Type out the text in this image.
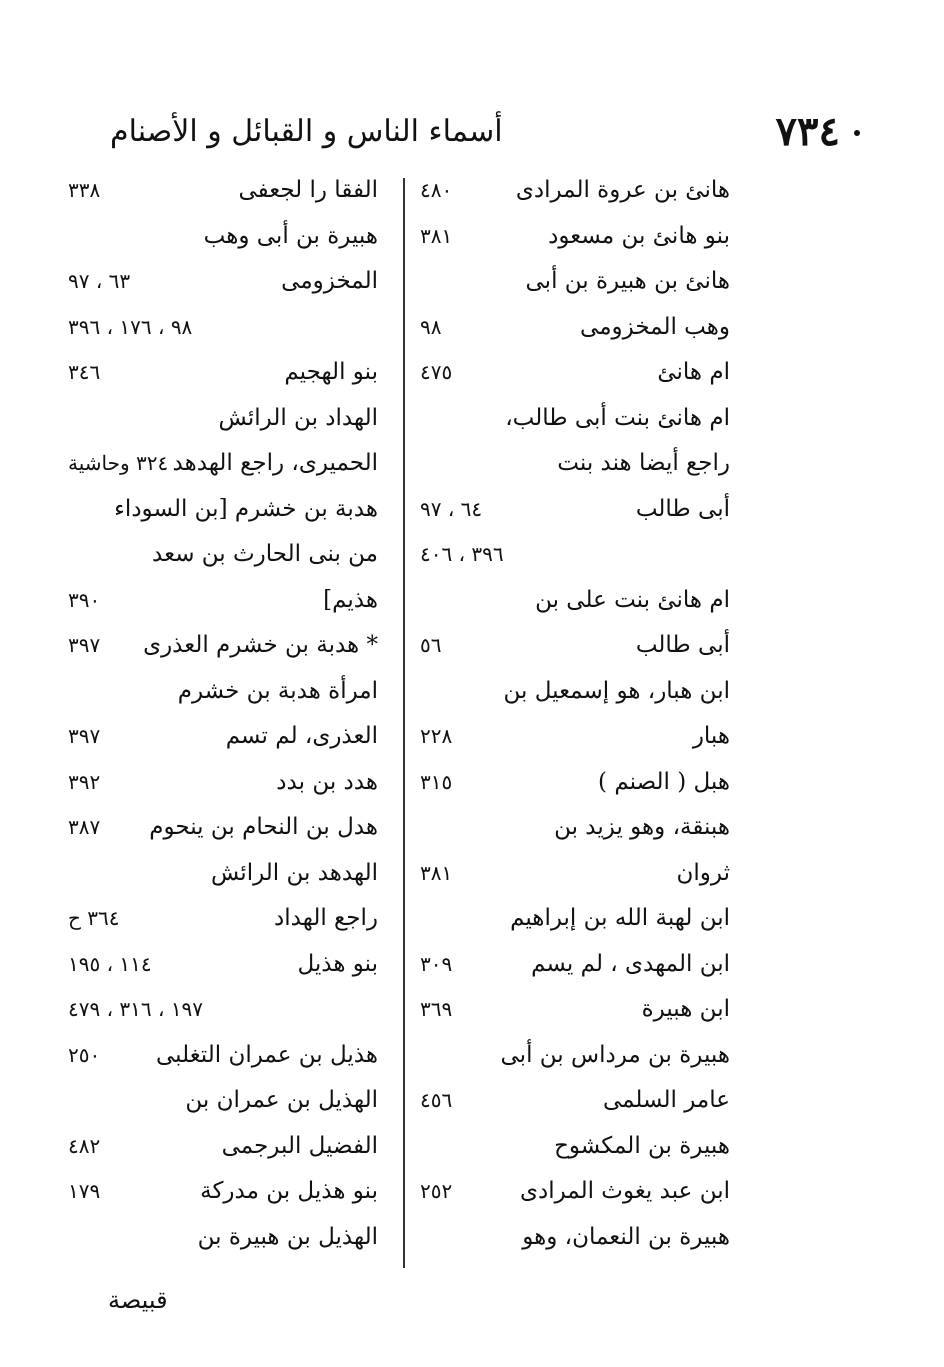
٧٣٤
أسماء الناس و القبائل و الأصنام
هانئ بن عروة المرادى
٤٨٠
بنو هانئ بن مسعود
٣٨١
هانئ بن هبيرة بن أبى
وهب المخزومى
٩٨
ام هانئ
٤٧٥
ام هانئ بنت أبى طالب،
راجع أيضا هند بنت
أبى طالب
٦٤ ، ٩٧
٣٩٦ ، ٤٠٦
ام هانئ بنت على بن
أبى طالب
٥٦
ابن هبار، هو إسمعيل بن
هبار
٢٢٨
هبل ( الصنم )
٣١٥
هبنقة، وهو يزيد بن
ثروان
٣٨١
ابن لهبة الله بن إبراهيم
ابن المهدى ، لم يسم
٣٠٩
ابن هبيرة
٣٦٩
هبيرة بن مرداس بن أبى
عامر السلمى
٤٥٦
هبيرة بن المكشوح
ابن عبد يغوث المرادى
٢٥٢
هبيرة بن النعمان، وهو
الفقا را لجعفى
٣٣٨
هبيرة بن أبى وهب
المخزومى
٦٣ ، ٩٧
٩٨ ، ١٧٦ ، ٣٩٦
بنو الهجيم
٣٤٦
الهداد بن الرائش
الحميرى، راجع الهدهد
٣٢٤ وحاشية
هدبة بن خشرم [بن السوداء
من بنى الحارث بن سعد
هذيم]
٣٩٠
* هدبة بن خشرم العذرى
٣٩٧
امرأة هدبة بن خشرم
العذرى، لم تسم
٣٩٧
هدد بن بدد
٣٩٢
هدل بن النحام بن ينحوم
٣٨٧
الهدهد بن الرائش
راجع الهداد
٣٦٤ ح
بنو هذيل
١١٤ ، ١٩٥
١٩٧ ، ٣١٦ ، ٤٧٩
هذيل بن عمران التغلبى
٢٥٠
الهذيل بن عمران بن
الفضيل البرجمى
٤٨٢
بنو هذيل بن مدركة
١٧٩
الهذيل بن هبيرة بن
قبيصة
